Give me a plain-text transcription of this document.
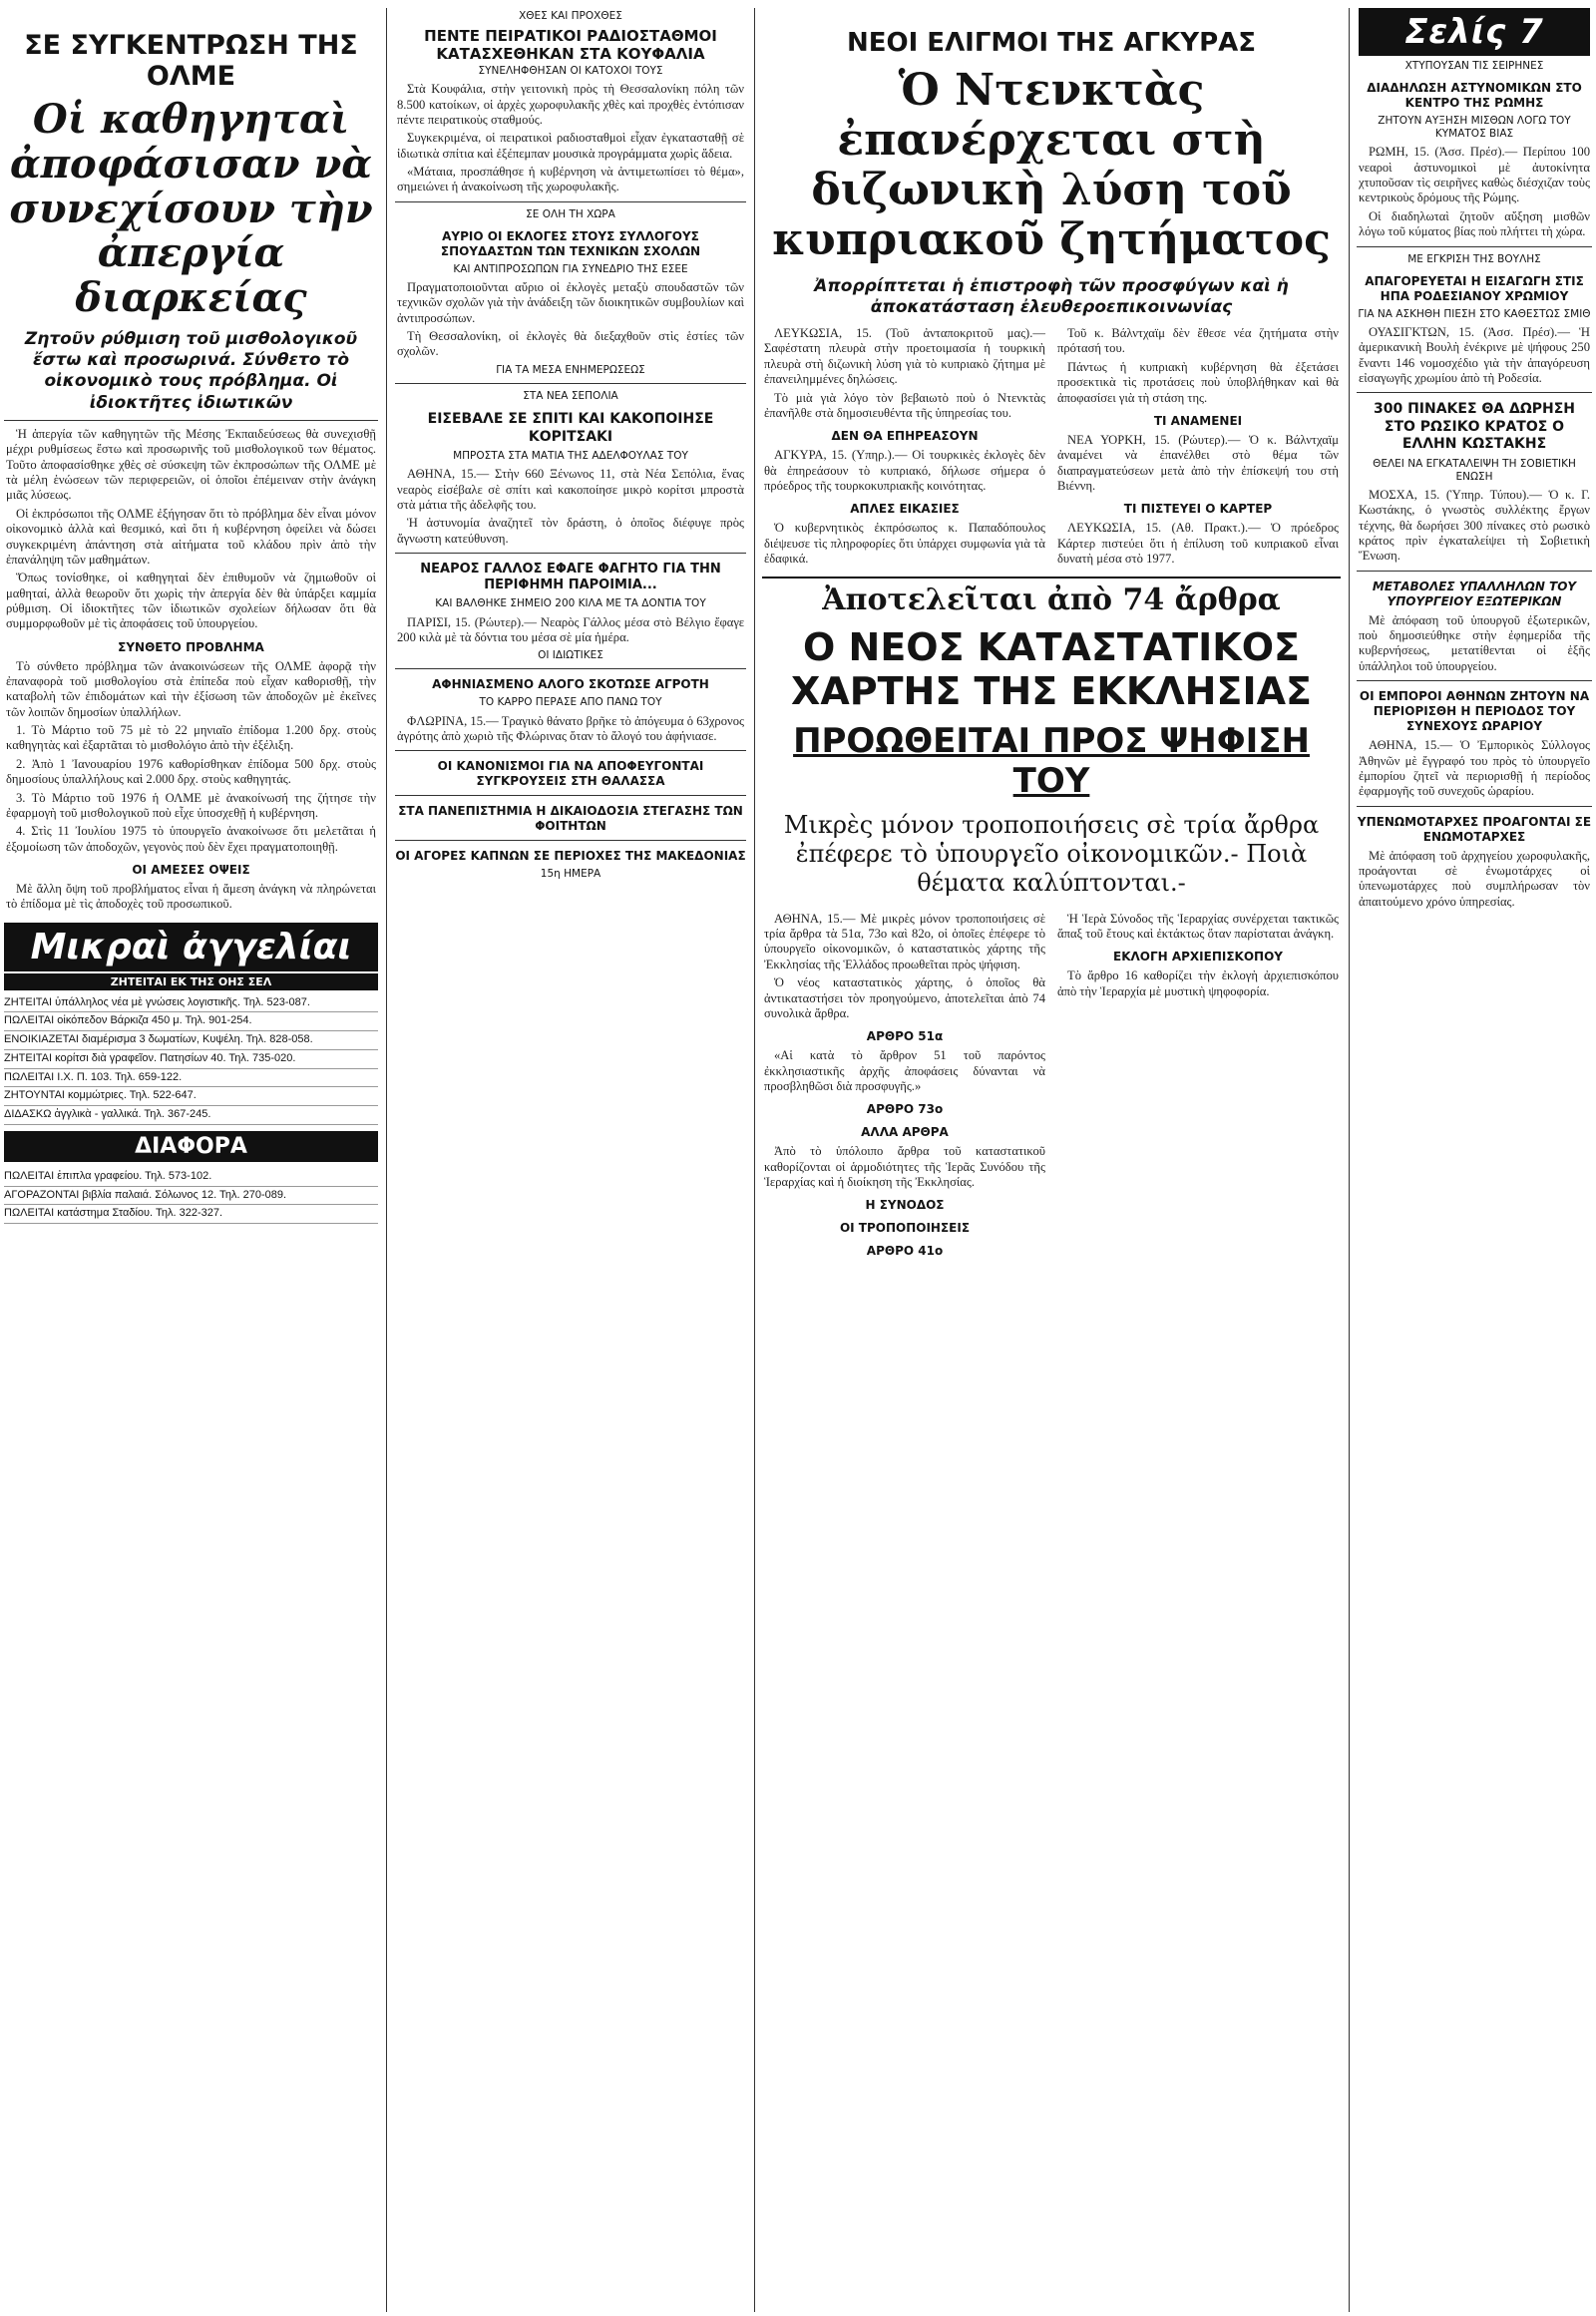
ΣΕ ΣΥΓΚΕΝΤΡΩΣΗ ΤΗΣ ΟΛΜΕ
Οἱ καθηγηταὶ ἀποφάσισαν νὰ συνεχίσουν τὴν ἀπεργία διαρκείας
Ζητοῦν ρύθμιση τοῦ μισθολογικοῦ ἔστω καὶ προσωρινά. Σύνθετο τὸ οἰκονομικὸ τους πρόβλημα. Οἱ ἰδιοκτῆτες ἰδιωτικῶν

Ἡ ἀπεργία τῶν καθηγητῶν τῆς Μέσης Ἐκπαιδεύσεως θὰ συνεχισθῇ μέχρι ρυθμίσεως ἔστω καὶ προσωρινῆς τοῦ μισθολογικοῦ των θέματος. Τοῦτο ἀποφασίσθηκε χθὲς σὲ σύσκεψη τῶν ἐκπροσώπων τῆς ΟΛΜΕ μὲ τὰ μέλη ἑνώσεων τῶν περιφερειῶν, οἱ ὁποῖοι ἐπέμειναν στὴν ἀνάγκη μιᾶς λύσεως.

Οἱ ἐκπρόσωποι τῆς ΟΛΜΕ ἐξήγησαν ὅτι τὸ πρόβλημα δὲν εἶναι μόνον οἰκονομικὸ ἀλλὰ καὶ θεσμικό, καὶ ὅτι ἡ κυβέρνηση ὀφείλει νὰ δώσει συγκεκριμένη ἀπάντηση στὰ αἰτήματα τοῦ κλάδου πρὶν ἀπὸ τὴν ἐπανάληψη τῶν μαθημάτων.

Ὅπως τονίσθηκε, οἱ καθηγηταὶ δὲν ἐπιθυμοῦν νὰ ζημιωθοῦν οἱ μαθηταί, ἀλλὰ θεωροῦν ὅτι χωρὶς τὴν ἀπεργία δὲν θὰ ὑπάρξει καμμία ρύθμιση. Οἱ ἰδιοκτῆτες τῶν ἰδιωτικῶν σχολείων δήλωσαν ὅτι θὰ συμμορφωθοῦν μὲ τὶς ἀποφάσεις τοῦ ὑπουργείου.

ΣΥΝΘΕΤΟ ΠΡΟΒΛΗΜΑ

Τὸ σύνθετο πρόβλημα τῶν ἀνακοινώσεων τῆς ΟΛΜΕ ἀφορᾷ τὴν ἐπαναφορὰ τοῦ μισθολογίου στὰ ἐπίπεδα ποὺ εἶχαν καθορισθῇ, τὴν καταβολὴ τῶν ἐπιδομάτων καὶ τὴν ἐξίσωση τῶν ἀποδοχῶν μὲ ἐκεῖνες τῶν λοιπῶν δημοσίων ὑπαλλήλων.

1. Τὸ Μάρτιο τοῦ 75 μὲ τὸ 22 μηνιαῖο ἐπίδομα 1.200 δρχ. στοὺς καθηγητὰς καὶ ἐξαρτᾶται τὸ μισθολόγιο ἀπὸ τὴν ἐξέλιξη.

2. Ἀπὸ 1 Ἰανουαρίου 1976 καθορίσθηκαν ἐπίδομα 500 δρχ. στοὺς δημοσίους ὑπαλλήλους καὶ 2.000 δρχ. στοὺς καθηγητάς.

3. Τὸ Μάρτιο τοῦ 1976 ἡ ΟΛΜΕ μὲ ἀνακοίνωσή της ζήτησε τὴν ἐφαρμογὴ τοῦ μισθολογικοῦ ποὺ εἶχε ὑποσχεθῇ ἡ κυβέρνηση.

4. Στὶς 11 Ἰουλίου 1975 τὸ ὑπουργεῖο ἀνακοίνωσε ὅτι μελετᾶται ἡ ἐξομοίωση τῶν ἀποδοχῶν, γεγονὸς ποὺ δὲν ἔχει πραγματοποιηθῇ.

ΟΙ ΑΜΕΣΕΣ ΟΨΕΙΣ

Μὲ ἄλλη ὄψη τοῦ προβλήματος εἶναι ἡ ἄμεση ἀνάγκη νὰ πληρώνεται τὸ ἐπίδομα μὲ τὶς ἀποδοχὲς τοῦ προσωπικοῦ.

Μικραὶ ἀγγελίαι
ΖΗΤΕΙΤΑΙ ΕΚ ΤΗΣ ΟΗΣ ΣΕΛ
ΖΗΤΕΙΤΑΙ ὑπάλληλος νέα μὲ γνώσεις λογιστικῆς. Τηλ. 523-087.
ΠΩΛΕΙΤΑΙ οἰκόπεδον Βάρκιζα 450 μ. Τηλ. 901-254.
ΕΝΟΙΚΙΑΖΕΤΑΙ διαμέρισμα 3 δωματίων, Κυψέλη. Τηλ. 828-058.
ΖΗΤΕΙΤΑΙ κορίτσι διὰ γραφεῖον. Πατησίων 40. Τηλ. 735-020.
ΠΩΛΕΙΤΑΙ Ι.Χ. Π. 103. Τηλ. 659-122.
ΖΗΤΟΥΝΤΑΙ κομμώτριες. Τηλ. 522-647.
ΔΙΔΑΣΚΩ ἀγγλικὰ - γαλλικά. Τηλ. 367-245.
ΔΙΑΦΟΡΑ
ΠΩΛΕΙΤΑΙ ἐπιπλα γραφείου. Τηλ. 573-102.
ΑΓΟΡΑΖΟΝΤΑΙ βιβλία παλαιά. Σόλωνος 12. Τηλ. 270-089.
ΠΩΛΕΙΤΑΙ κατάστημα Σταδίου. Τηλ. 322-327.
ΧΘΕΣ ΚΑΙ ΠΡΟΧΘΕΣ
ΠΕΝΤΕ ΠΕΙΡΑΤΙΚΟΙ ΡΑΔΙΟΣΤΑΘΜΟΙ ΚΑΤΑΣΧΕΘΗΚΑΝ ΣΤΑ ΚΟΥΦΑΛΙΑ
ΣΥΝΕΛΗΦΘΗΣΑΝ ΟΙ ΚΑΤΟΧΟΙ ΤΟΥΣ

Στὰ Κουφάλια, στὴν γειτονικὴ πρὸς τὴ Θεσσαλονίκη πόλη τῶν 8.500 κατοίκων, οἱ ἀρχὲς χωροφυλακῆς χθὲς καὶ προχθὲς ἐντόπισαν πέντε πειρατικοὺς σταθμούς.

Συγκεκριμένα, οἱ πειρατικοὶ ραδιοσταθμοὶ εἶχαν ἐγκατασταθῇ σὲ ἰδιωτικὰ σπίτια καὶ ἐξέπεμπαν μουσικὰ προγράμματα χωρὶς ἄδεια.

«Μάταια, προσπάθησε ἡ κυβέρνηση νὰ ἀντιμετωπίσει τὸ θέμα», σημειώνει ἡ ἀνακοίνωση τῆς χωροφυλακῆς.

ΣΕ ΟΛΗ ΤΗ ΧΩΡΑ
ΑΥΡΙΟ ΟΙ ΕΚΛΟΓΕΣ ΣΤΟΥΣ ΣΥΛΛΟΓΟΥΣ ΣΠΟΥΔΑΣΤΩΝ ΤΩΝ ΤΕΧΝΙΚΩΝ ΣΧΟΛΩΝ
ΚΑΙ ΑΝΤΙΠΡΟΣΩΠΩΝ ΓΙΑ ΣΥΝΕΔΡΙΟ ΤΗΣ ΕΣΕΕ

Πραγματοποιοῦνται αὔριο οἱ ἐκλογὲς μεταξὺ σπουδαστῶν τῶν τεχνικῶν σχολῶν γιὰ τὴν ἀνάδειξη τῶν διοικητικῶν συμβουλίων καὶ ἀντιπροσώπων.

Τὴ Θεσσαλονίκη, οἱ ἐκλογὲς θὰ διεξαχθοῦν στὶς ἑστίες τῶν σχολῶν.

ΓΙΑ ΤΑ ΜΕΣΑ ΕΝΗΜΕΡΩΣΕΩΣ
ΣΤΑ ΝΕΑ ΣΕΠΟΛΙΑ
ΕΙΣΕΒΑΛΕ ΣΕ ΣΠΙΤΙ ΚΑΙ ΚΑΚΟΠΟΙΗΣΕ ΚΟΡΙΤΣΑΚΙ
ΜΠΡΟΣΤΑ ΣΤΑ ΜΑΤΙΑ ΤΗΣ ΑΔΕΛΦΟΥΛΑΣ ΤΟΥ

ΑΘΗΝΑ, 15.— Στὴν 660 Ξένωνος 11, στὰ Νέα Σεπόλια, ἕνας νεαρὸς εἰσέβαλε σὲ σπίτι καὶ κακοποίησε μικρὸ κορίτσι μπροστὰ στὰ μάτια τῆς ἀδελφῆς του.

Ἡ ἀστυνομία ἀναζητεῖ τὸν δράστη, ὁ ὁποῖος διέφυγε πρὸς ἄγνωστη κατεύθυνση.

ΝΕΑΡΟΣ ΓΑΛΛΟΣ ΕΦΑΓΕ ΦΑΓΗΤΟ ΓΙΑ ΤΗΝ ΠΕΡΙΦΗΜΗ ΠΑΡΟΙΜΙΑ...
ΚΑΙ ΒΑΛΘΗΚΕ ΣΗΜΕΙΟ 200 ΚΙΛΑ ΜΕ ΤΑ ΔΟΝΤΙΑ ΤΟΥ

ΠΑΡΙΣΙ, 15. (Ρώυτερ).— Νεαρὸς Γάλλος μέσα στὸ Βέλγιο ἔφαγε 200 κιλὰ μὲ τὰ δόντια του μέσα σὲ μία ἡμέρα.

ΟΙ ΙΔΙΩΤΙΚΕΣ
ΑΦΗΝΙΑΣΜΕΝΟ ΑΛΟΓΟ ΣΚΟΤΩΣΕ ΑΓΡΟΤΗ
ΤΟ ΚΑΡΡΟ ΠΕΡΑΣΕ ΑΠΟ ΠΑΝΩ ΤΟΥ

ΦΛΩΡΙΝΑ, 15.— Τραγικὸ θάνατο βρῆκε τὸ ἀπόγευμα ὁ 63χρονος ἀγρότης ἀπὸ χωριὸ τῆς Φλώρινας ὅταν τὸ ἄλογό του ἀφήνιασε.

ΟΙ ΚΑΝΟΝΙΣΜΟΙ ΓΙΑ ΝΑ ΑΠΟΦΕΥΓΟΝΤΑΙ ΣΥΓΚΡΟΥΣΕΙΣ ΣΤΗ ΘΑΛΑΣΣΑ
ΣΤΑ ΠΑΝΕΠΙΣΤΗΜΙΑ Η ΔΙΚΑΙΟΔΟΣΙΑ ΣΤΕΓΑΣΗΣ ΤΩΝ ΦΟΙΤΗΤΩΝ
ΟΙ ΑΓΟΡΕΣ ΚΑΠΝΩΝ ΣΕ ΠΕΡΙΟΧΕΣ ΤΗΣ ΜΑΚΕΔΟΝΙΑΣ
15η ΗΜΕΡΑ
ΝΕΟΙ ΕΛΙΓΜΟΙ ΤΗΣ ΑΓΚΥΡΑΣ
Ὁ Ντενκτὰς ἐπανέρχεται στὴ διζωνικὴ λύση τοῦ κυπριακοῦ ζητήματος
Ἀπορρίπτεται ἡ ἐπιστροφὴ τῶν προσφύγων καὶ ἡ ἀποκατάσταση ἐλευθεροεπικοινωνίας

ΛΕΥΚΩΣΙΑ, 15. (Τοῦ ἀνταποκριτοῦ μας).— Σαφέστατη πλευρὰ στὴν προετοιμασία ἡ τουρκικὴ πλευρὰ στὴ διζωνικὴ λύση γιὰ τὸ κυπριακὸ ζήτημα μὲ ἐπανειλημμένες δηλώσεις.

Τὸ μιὰ γιὰ λόγο τὸν βεβαιωτὸ ποὺ ὁ Ντενκτὰς ἐπανῆλθε στὰ δημοσιευθέντα τῆς ὑπηρεσίας του.

ΔΕΝ ΘΑ ΕΠΗΡΕΑΣΟΥΝ

ΑΓΚΥΡΑ, 15. (Υπηρ.).— Οἱ τουρκικὲς ἐκλογὲς δὲν θὰ ἐπηρεάσουν τὸ κυπριακό, δήλωσε σήμερα ὁ πρόεδρος τῆς τουρκοκυπριακῆς κοινότητας.

ΑΠΛΕΣ ΕΙΚΑΣΙΕΣ

Ὁ κυβερνητικὸς ἐκπρόσωπος κ. Παπαδόπουλος διέψευσε τὶς πληροφορίες ὅτι ὑπάρχει συμφωνία γιὰ τὰ ἐδαφικά.

Τοῦ κ. Βάλντχαϊμ δὲν ἔθεσε νέα ζητήματα στὴν πρότασή του.

Πάντως ἡ κυπριακὴ κυβέρνηση θὰ ἐξετάσει προσεκτικὰ τὶς προτάσεις ποὺ ὑποβλήθηκαν καὶ θὰ ἀποφασίσει γιὰ τὴ στάση της.

ΤΙ ΑΝΑΜΕΝΕΙ

ΝΕΑ ΥΟΡΚΗ, 15. (Ρώυτερ).— Ὁ κ. Βάλντχαϊμ ἀναμένει νὰ ἐπανέλθει στὸ θέμα τῶν διαπραγματεύσεων μετὰ ἀπὸ τὴν ἐπίσκεψή του στὴ Βιέννη.

ΤΙ ΠΙΣΤΕΥΕΙ Ο ΚΑΡΤΕΡ

ΛΕΥΚΩΣΙΑ, 15. (Αθ. Πρακτ.).— Ὁ πρόεδρος Κάρτερ πιστεύει ὅτι ἡ ἐπίλυση τοῦ κυπριακοῦ εἶναι δυνατὴ μέσα στὸ 1977.

Ἀποτελεῖται ἀπὸ 74 ἄρθρα
Ο ΝΕΟΣ ΚΑΤΑΣΤΑΤΙΚΟΣ ΧΑΡΤΗΣ ΤΗΣ ΕΚΚΛΗΣΙΑΣ
ΠΡΟΩΘΕΙΤΑΙ ΠΡΟΣ ΨΗΦΙΣΗ ΤΟΥ
Μικρὲς μόνον τροποποιήσεις σὲ τρία ἄρθρα ἐπέφερε τὸ ὑπουργεῖο οἰκονομικῶν.- Ποιὰ θέματα καλύπτονται.-

ΑΘΗΝΑ, 15.— Μὲ μικρὲς μόνον τροποποιήσεις σὲ τρία ἄρθρα τὰ 51α, 73ο καὶ 82ο, οἱ ὁποῖες ἐπέφερε τὸ ὑπουργεῖο οἰκονομικῶν, ὁ καταστατικὸς χάρτης τῆς Ἐκκλησίας τῆς Ἑλλάδος προωθεῖται πρὸς ψήφιση.

Ὁ νέος καταστατικὸς χάρτης, ὁ ὁποῖος θὰ ἀντικαταστήσει τὸν προηγούμενο, ἀποτελεῖται ἀπὸ 74 συνολικὰ ἄρθρα.

ΑΡΘΡΟ 51α

«Αἱ κατὰ τὸ ἄρθρον 51 τοῦ παρόντος ἐκκλησιαστικῆς ἀρχῆς ἀποφάσεις δύνανται νὰ προσβληθῶσι διὰ προσφυγῆς.»

ΑΡΘΡΟ 73ο
ΑΛΛΑ ΑΡΘΡΑ

Ἀπὸ τὸ ὑπόλοιπο ἄρθρα τοῦ καταστατικοῦ καθορίζονται οἱ ἁρμοδιότητες τῆς Ἱερᾶς Συνόδου τῆς Ἱεραρχίας καὶ ἡ διοίκηση τῆς Ἐκκλησίας.

Η ΣΥΝΟΔΟΣ
ΟΙ ΤΡΟΠΟΠΟΙΗΣΕΙΣ
ΑΡΘΡΟ 41ο

Ἡ Ἱερὰ Σύνοδος τῆς Ἱεραρχίας συνέρχεται τακτικῶς ἅπαξ τοῦ ἔτους καὶ ἐκτάκτως ὅταν παρίσταται ἀνάγκη.

ΕΚΛΟΓΗ ΑΡΧΙΕΠΙΣΚΟΠΟΥ

Τὸ ἄρθρο 16 καθορίζει τὴν ἐκλογὴ ἀρχιεπισκόπου ἀπὸ τὴν Ἱεραρχία μὲ μυστικὴ ψηφοφορία.

Σελίς 7
ΧΤΥΠΟΥΣΑΝ ΤΙΣ ΣΕΙΡΗΝΕΣ
ΔΙΑΔΗΛΩΣΗ ΑΣΤΥΝΟΜΙΚΩΝ ΣΤΟ ΚΕΝΤΡΟ ΤΗΣ ΡΩΜΗΣ
ΖΗΤΟΥΝ ΑΥΞΗΣΗ ΜΙΣΘΩΝ ΛΟΓΩ ΤΟΥ ΚΥΜΑΤΟΣ ΒΙΑΣ

ΡΩΜΗ, 15. (Ἀσσ. Πρέσ).— Περίπου 100 νεαροὶ ἀστυνομικοὶ μὲ ἀυτοκίνητα χτυποῦσαν τὶς σειρῆνες καθὼς διέσχιζαν τοὺς κεντρικοὺς δρόμους τῆς Ρώμης.

Οἱ διαδηλωταὶ ζητοῦν αὔξηση μισθῶν λόγω τοῦ κύματος βίας ποὺ πλήττει τὴ χώρα.

ΜΕ ΕΓΚΡΙΣΗ ΤΗΣ ΒΟΥΛΗΣ
ΑΠΑΓΟΡΕΥΕΤΑΙ Η ΕΙΣΑΓΩΓΗ ΣΤΙΣ ΗΠΑ ΡΟΔΕΣΙΑΝΟΥ ΧΡΩΜΙΟΥ
ΓΙΑ ΝΑ ΑΣΚΗΘΗ ΠΙΕΣΗ ΣΤΟ ΚΑΘΕΣΤΩΣ ΣΜΙΘ

ΟΥΑΣΙΓΚΤΩΝ, 15. (Ἀσσ. Πρέσ).— Ἡ ἀμερικανικὴ Βουλὴ ἐνέκρινε μὲ ψήφους 250 ἔναντι 146 νομοσχέδιο γιὰ τὴν ἀπαγόρευση εἰσαγωγῆς χρωμίου ἀπὸ τὴ Ροδεσία.

300 ΠΙΝΑΚΕΣ ΘΑ ΔΩΡΗΣΗ ΣΤΟ ΡΩΣΙΚΟ ΚΡΑΤΟΣ Ο ΕΛΛΗΝ ΚΩΣΤΑΚΗΣ
ΘΕΛΕΙ ΝΑ ΕΓΚΑΤΑΛΕΙΨΗ ΤΗ ΣΟΒΙΕΤΙΚΗ ΕΝΩΣΗ

ΜΟΣΧΑ, 15. (Ὑπηρ. Τύπου).— Ὁ κ. Γ. Κωστάκης, ὁ γνωστὸς συλλέκτης ἔργων τέχνης, θὰ δωρήσει 300 πίνακες στὸ ρωσικὸ κράτος πρὶν ἐγκαταλείψει τὴ Σοβιετικὴ Ἕνωση.

ΜΕΤΑΒΟΛΕΣ ΥΠΑΛΛΗΛΩΝ ΤΟΥ ΥΠΟΥΡΓΕΙΟΥ ΕΞΩΤΕΡΙΚΩΝ

Μὲ ἀπόφαση τοῦ ὑπουργοῦ ἐξωτερικῶν, ποὺ δημοσιεύθηκε στὴν ἐφημερίδα τῆς κυβερνήσεως, μετατίθενται οἱ ἑξῆς ὑπάλληλοι τοῦ ὑπουργείου.

ΟΙ ΕΜΠΟΡΟΙ ΑΘΗΝΩΝ ΖΗΤΟΥΝ ΝΑ ΠΕΡΙΟΡΙΣΘΗ Η ΠΕΡΙΟΔΟΣ ΤΟΥ ΣΥΝΕΧΟΥΣ ΩΡΑΡΙΟΥ

ΑΘΗΝΑ, 15.— Ὁ Ἐμπορικὸς Σύλλογος Ἀθηνῶν μὲ ἔγγραφό του πρὸς τὸ ὑπουργεῖο ἐμπορίου ζητεῖ νὰ περιορισθῇ ἡ περίοδος ἐφαρμογῆς τοῦ συνεχοῦς ὡραρίου.

ΥΠΕΝΩΜΟΤΑΡΧΕΣ ΠΡΟΑΓΟΝΤΑΙ ΣΕ ΕΝΩΜΟΤΑΡΧΕΣ

Μὲ ἀπόφαση τοῦ ἀρχηγείου χωροφυλακῆς, προάγονται σὲ ἐνωμοτάρχες οἱ ὑπενωμοτάρχες ποὺ συμπλήρωσαν τὸν ἀπαιτούμενο χρόνο ὑπηρεσίας.
